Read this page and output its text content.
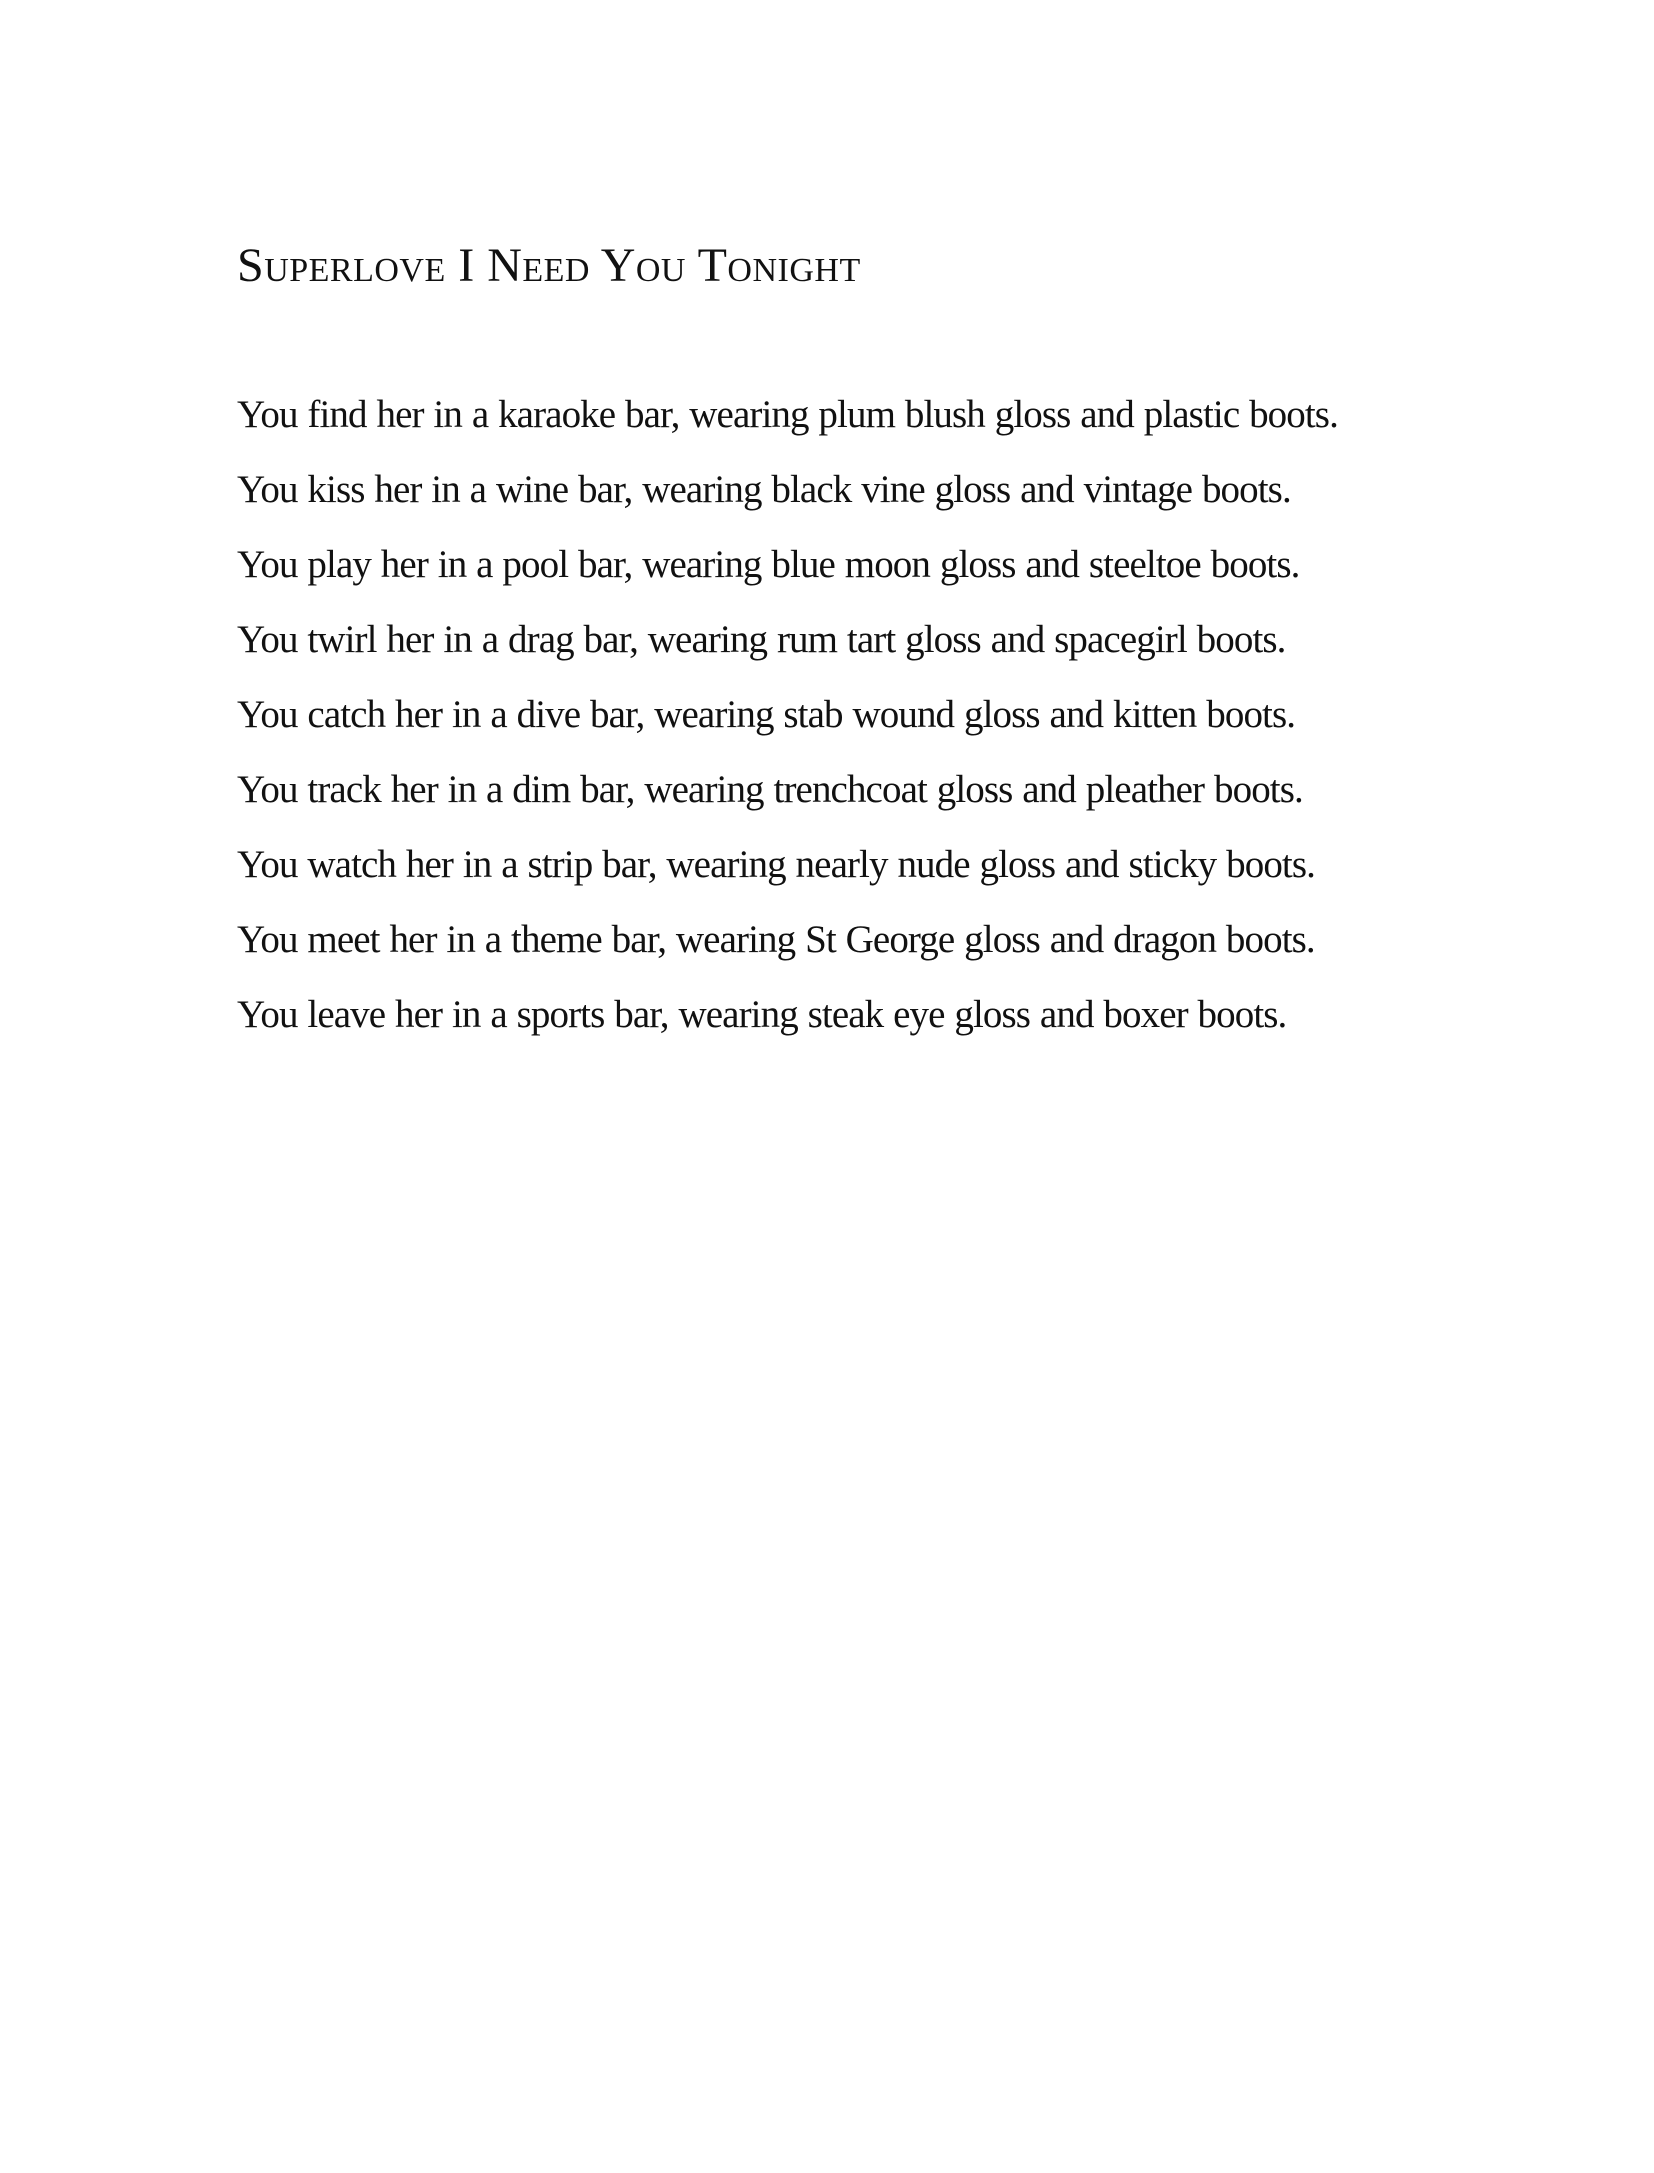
Superlove I Need You Tonight
You find her in a karaoke bar, wearing plum blush gloss and plastic boots.
You kiss her in a wine bar, wearing black vine gloss and vintage boots.
You play her in a pool bar, wearing blue moon gloss and steeltoe boots.
You twirl her in a drag bar, wearing rum tart gloss and spacegirl boots.
You catch her in a dive bar, wearing stab wound gloss and kitten boots.
You track her in a dim bar, wearing trenchcoat gloss and pleather boots.
You watch her in a strip bar, wearing nearly nude gloss and sticky boots.
You meet her in a theme bar, wearing St George gloss and dragon boots.
You leave her in a sports bar, wearing steak eye gloss and boxer boots.
